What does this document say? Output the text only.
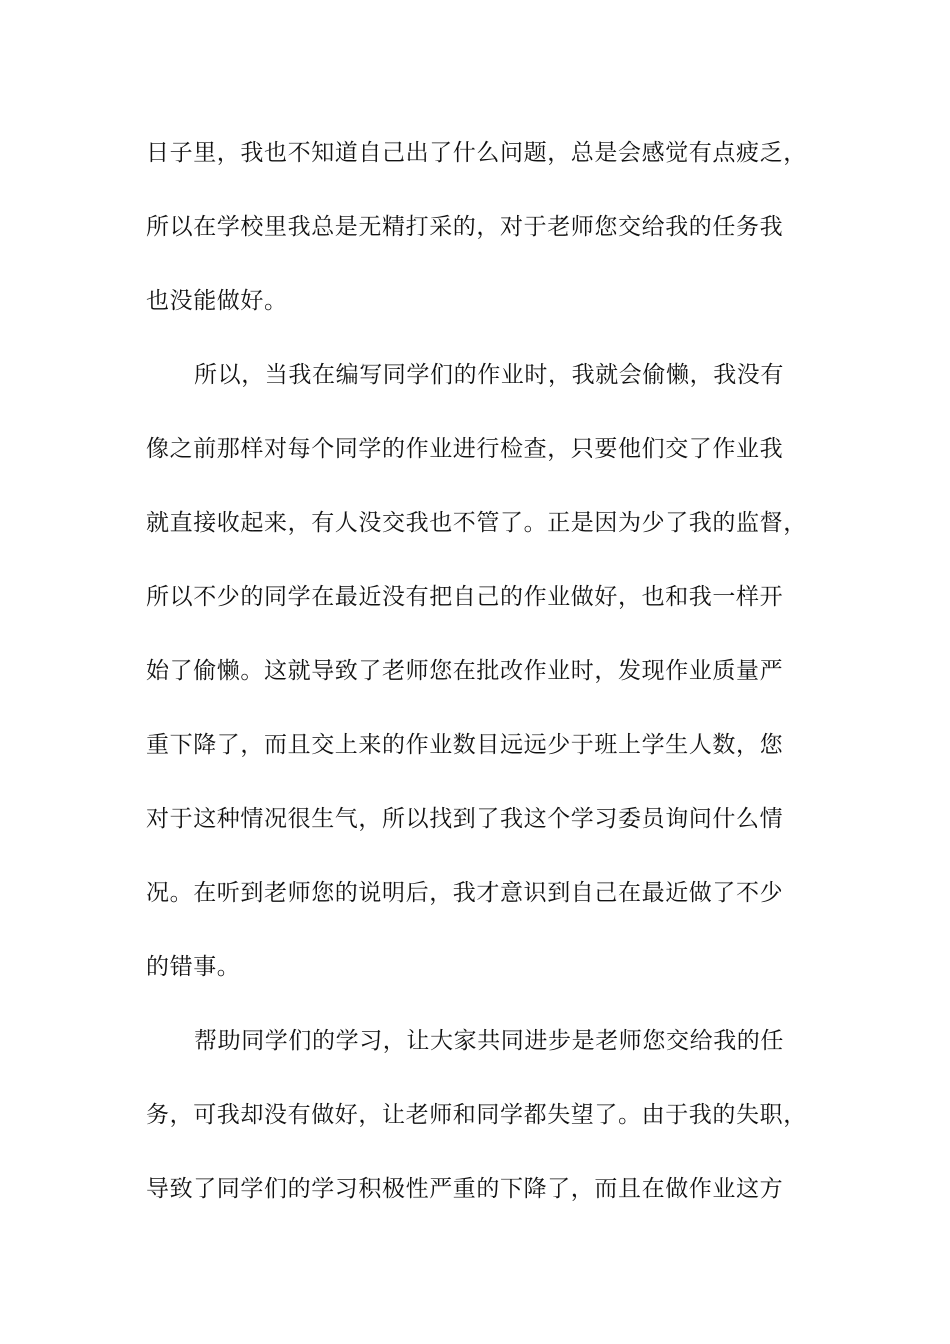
日子里，我也不知道自己出了什么问题，总是会感觉有点疲乏，
所以在学校里我总是无精打采的，对于老师您交给我的任务我
也没能做好。
所以，当我在编写同学们的作业时，我就会偷懒，我没有
像之前那样对每个同学的作业进行检查，只要他们交了作业我
就直接收起来，有人没交我也不管了。正是因为少了我的监督，
所以不少的同学在最近没有把自己的作业做好，也和我一样开
始了偷懒。这就导致了老师您在批改作业时，发现作业质量严
重下降了，而且交上来的作业数目远远少于班上学生人数，您
对于这种情况很生气，所以找到了我这个学习委员询问什么情
况。在听到老师您的说明后，我才意识到自己在最近做了不少
的错事。
帮助同学们的学习，让大家共同进步是老师您交给我的任
务，可我却没有做好，让老师和同学都失望了。由于我的失职，
导致了同学们的学习积极性严重的下降了，而且在做作业这方
